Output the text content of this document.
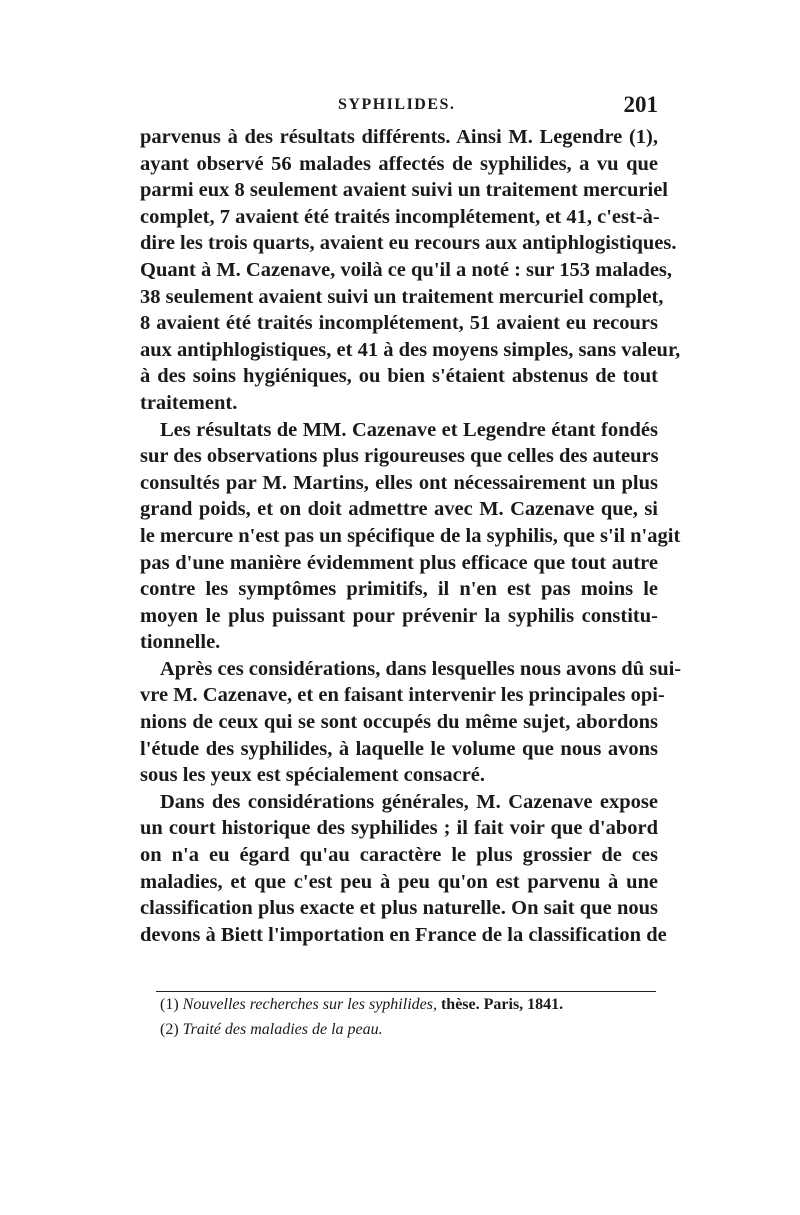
SYPHILIDES.	201

parvenus à des résultats différents. Ainsi M. Legendre (1),
ayant observé 56 malades affectés de syphilides, a vu que
parmi eux 8 seulement avaient suivi un traitement mercuriel
complet, 7 avaient été traités incomplétement, et 41, c'est-à-
dire les trois quarts, avaient eu recours aux antiphlogistiques.
Quant à M. Cazenave, voilà ce qu'il a noté : sur 153 malades,
38 seulement avaient suivi un traitement mercuriel complet,
8 avaient été traités incomplétement, 51 avaient eu recours
aux antiphlogistiques, et 41 à des moyens simples, sans valeur,
à des soins hygiéniques, ou bien s'étaient abstenus de tout
traitement.

Les résultats de MM. Cazenave et Legendre étant fondés
sur des observations plus rigoureuses que celles des auteurs
consultés par M. Martins, elles ont nécessairement un plus
grand poids, et on doit admettre avec M. Cazenave que, si
le mercure n'est pas un spécifique de la syphilis, que s'il n'agit
pas d'une manière évidemment plus efficace que tout autre
contre les symptômes primitifs, il n'en est pas moins le
moyen le plus puissant pour prévenir la syphilis constitu-
tionnelle.

Après ces considérations, dans lesquelles nous avons dû sui-
vre M. Cazenave, et en faisant intervenir les principales opi-
nions de ceux qui se sont occupés du même sujet, abordons
l'étude des syphilides, à laquelle le volume que nous avons
sous les yeux est spécialement consacré.

Dans des considérations générales, M. Cazenave expose
un court historique des syphilides ; il fait voir que d'abord
on n'a eu égard qu'au caractère le plus grossier de ces
maladies, et que c'est peu à peu qu'on est parvenu à une
classification plus exacte et plus naturelle. On sait que nous
devons à Biett l'importation en France de la classification de

(1) Nouvelles recherches sur les syphilides, thèse. Paris, 1841.
(2) Traité des maladies de la peau.
